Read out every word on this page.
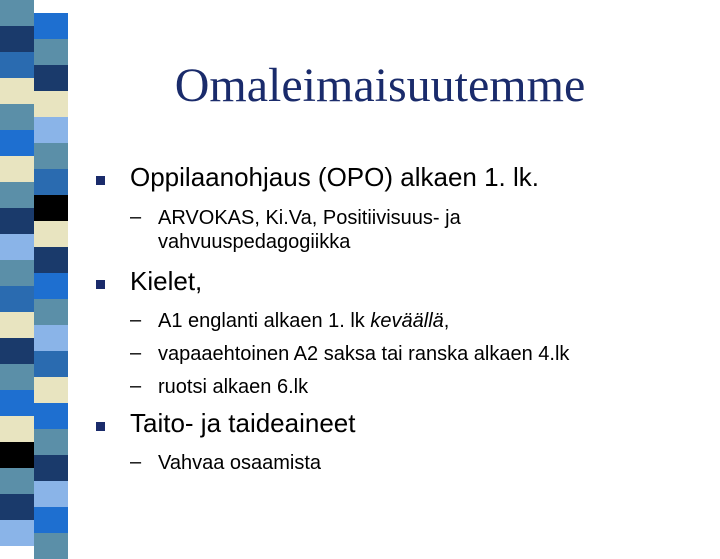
Omaleimaisuutemme
Oppilaanohjaus (OPO) alkaen 1. lk.
– ARVOKAS, Ki.Va, Positiivisuus- ja
vahvuuspedagogiikka
Kielet,
– A1 englanti alkaen 1. lk keväällä,
– vapaaehtoinen A2 saksa tai ranska alkaen 4.lk
– ruotsi alkaen 6.lk
Taito- ja taideaineet
– Vahvaa osaamista
